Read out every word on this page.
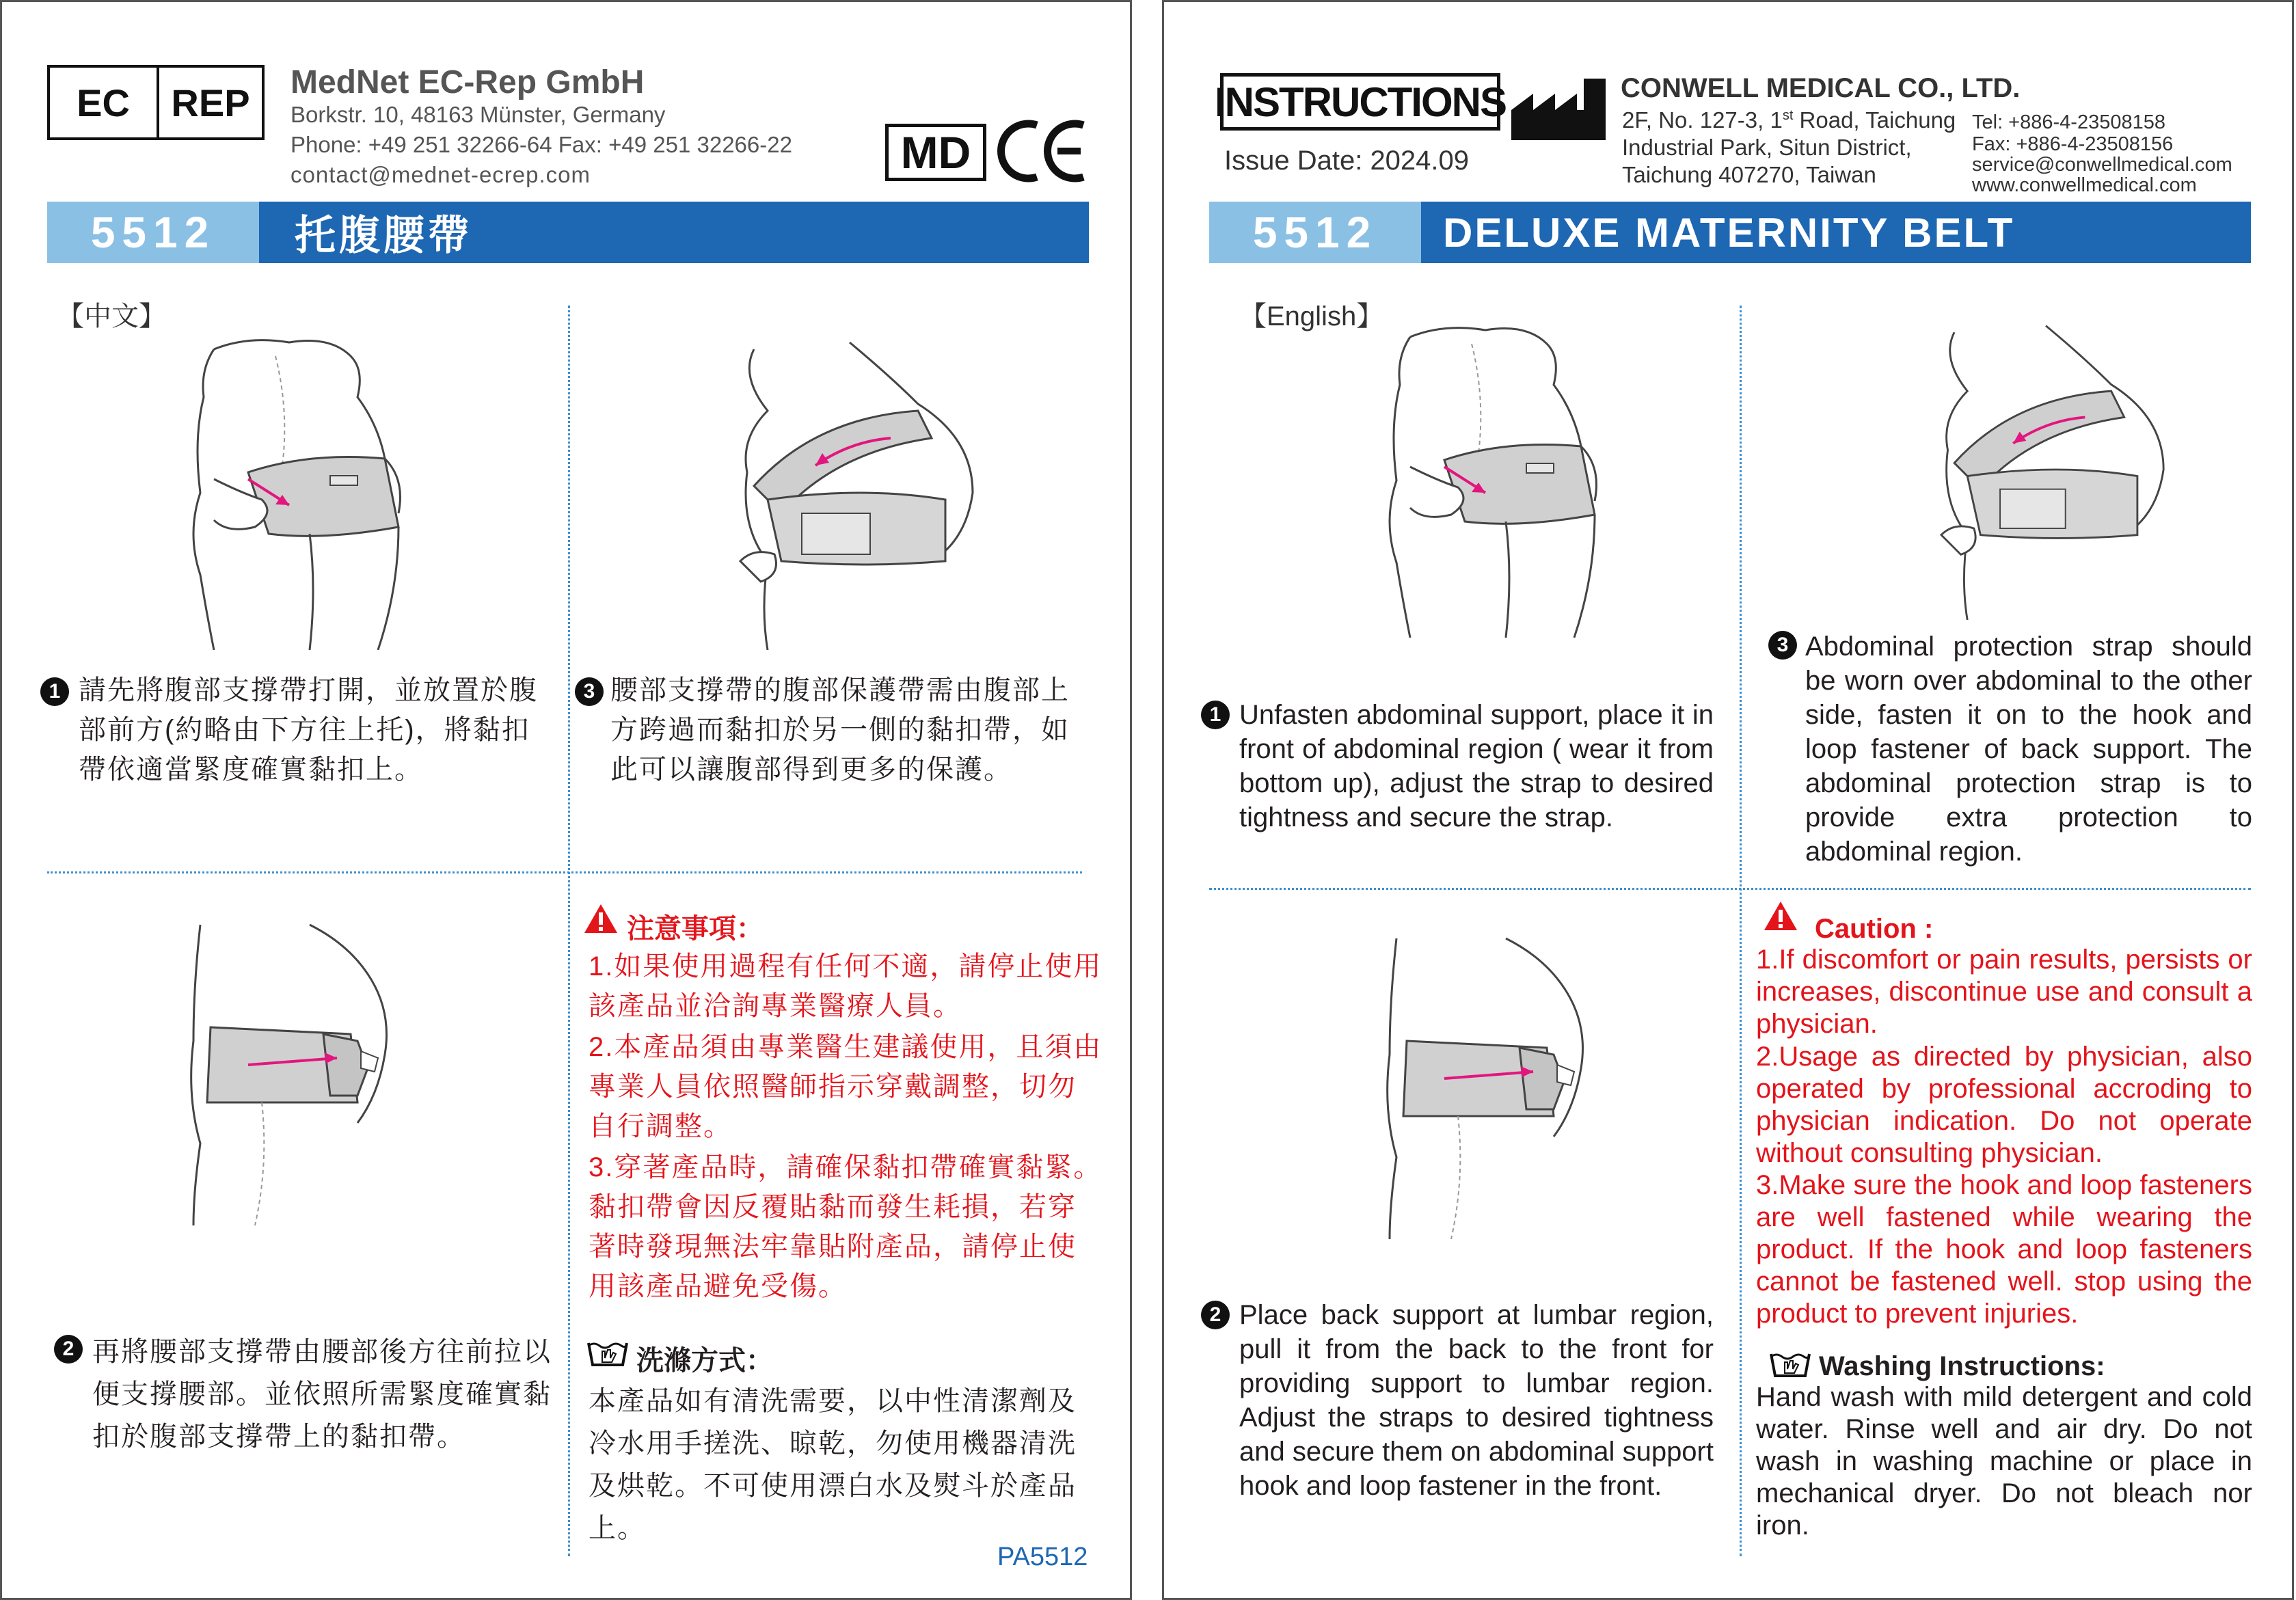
EC	REP	MedNet EC-Rep GmbH
Borkstr. 10, 48163 Münster, Germany
Phone: +49 251 32266-64 Fax: +49 251 32266-22
contact@mednet-ecrep.com	MD
5512	托腹腰帶
【中文】
1 請先將腹部支撐帶打開，並放置於腹部前方(約略由下方往上托)，將黏扣帶依適當緊度確實黏扣上。
3 腰部支撐帶的腹部保護帶需由腹部上方跨過而黏扣於另一側的黏扣帶，如此可以讓腹部得到更多的保護。
2 再將腰部支撐帶由腰部後方往前拉以便支撐腰部。並依照所需緊度確實黏扣於腹部支撐帶上的黏扣帶。
注意事項：
1.如果使用過程有任何不適，請停止使用該產品並洽詢專業醫療人員。
2.本產品須由專業醫生建議使用，且須由專業人員依照醫師指示穿戴調整，切勿自行調整。
3.穿著產品時，請確保黏扣帶確實黏緊。黏扣帶會因反覆貼黏而發生耗損，若穿著時發現無法牢靠貼附產品，請停止使用該產品避免受傷。
洗滌方式：
本產品如有清洗需要，以中性清潔劑及冷水用手搓洗、晾乾，勿使用機器清洗及烘乾。不可使用漂白水及熨斗於產品上。
PA5512
INSTRUCTIONS
Issue Date: 2024.09
CONWELL MEDICAL CO., LTD.
2F, No. 127-3, 1st Road, Taichung
Industrial Park, Situn District,
Taichung 407270, Taiwan
Tel: +886-4-23508158
Fax: +886-4-23508156
service@conwellmedical.com
www.conwellmedical.com
5512	DELUXE MATERNITY BELT
【English】
1 Unfasten abdominal support, place it in front of abdominal region ( wear it from bottom up), adjust the strap to desired tightness and secure the strap.
3 Abdominal protection strap should be worn over abdominal to the other side, fasten it on to the hook and loop fastener of back support. The abdominal protection strap is to provide extra protection to abdominal region.
2 Place back support at lumbar region, pull it from the back to the front for providing support to lumbar region. Adjust the straps to desired tightness and secure them on abdominal support hook and loop fastener in the front.
Caution :
1.If discomfort or pain results, persists or increases, discontinue use and consult a physician.
2.Usage as directed by physician, also operated by professional accroding to physician indication. Do not operate without consulting physician.
3.Make sure the hook and loop fasteners are well fastened while wearing the product. If the hook and loop fasteners cannot be fastened well. stop using the product to prevent injuries.
Washing Instructions:
Hand wash with mild detergent and cold water. Rinse well and air dry. Do not wash in washing machine or place in mechanical dryer. Do not bleach nor iron.
